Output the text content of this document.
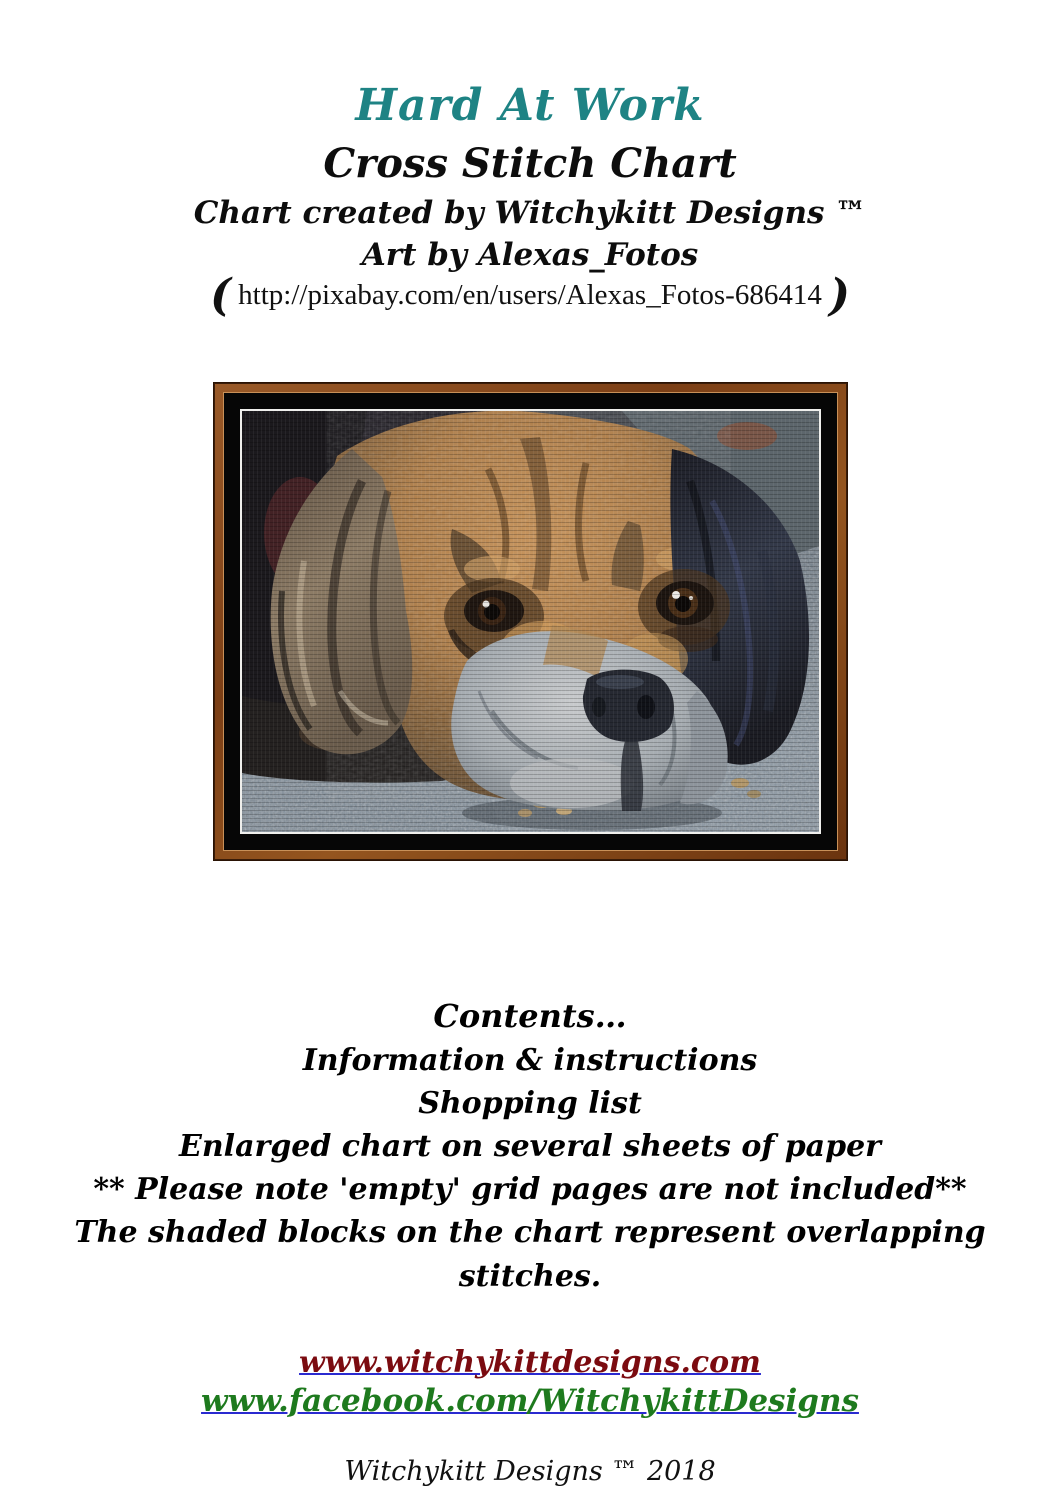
Hard At Work
Cross Stitch Chart
Chart created by Witchykitt Designs ™
Art by Alexas_Fotos
( http://pixabay.com/en/users/Alexas_Fotos-686414 )
Contents…
Information & instructions
Shopping list
Enlarged chart on several sheets of paper
** Please note 'empty' grid pages are not included**
The shaded blocks on the chart represent overlapping stitches.
www.witchykittdesigns.com
www.facebook.com/WitchykittDesigns
Witchykitt Designs ™ 2018
